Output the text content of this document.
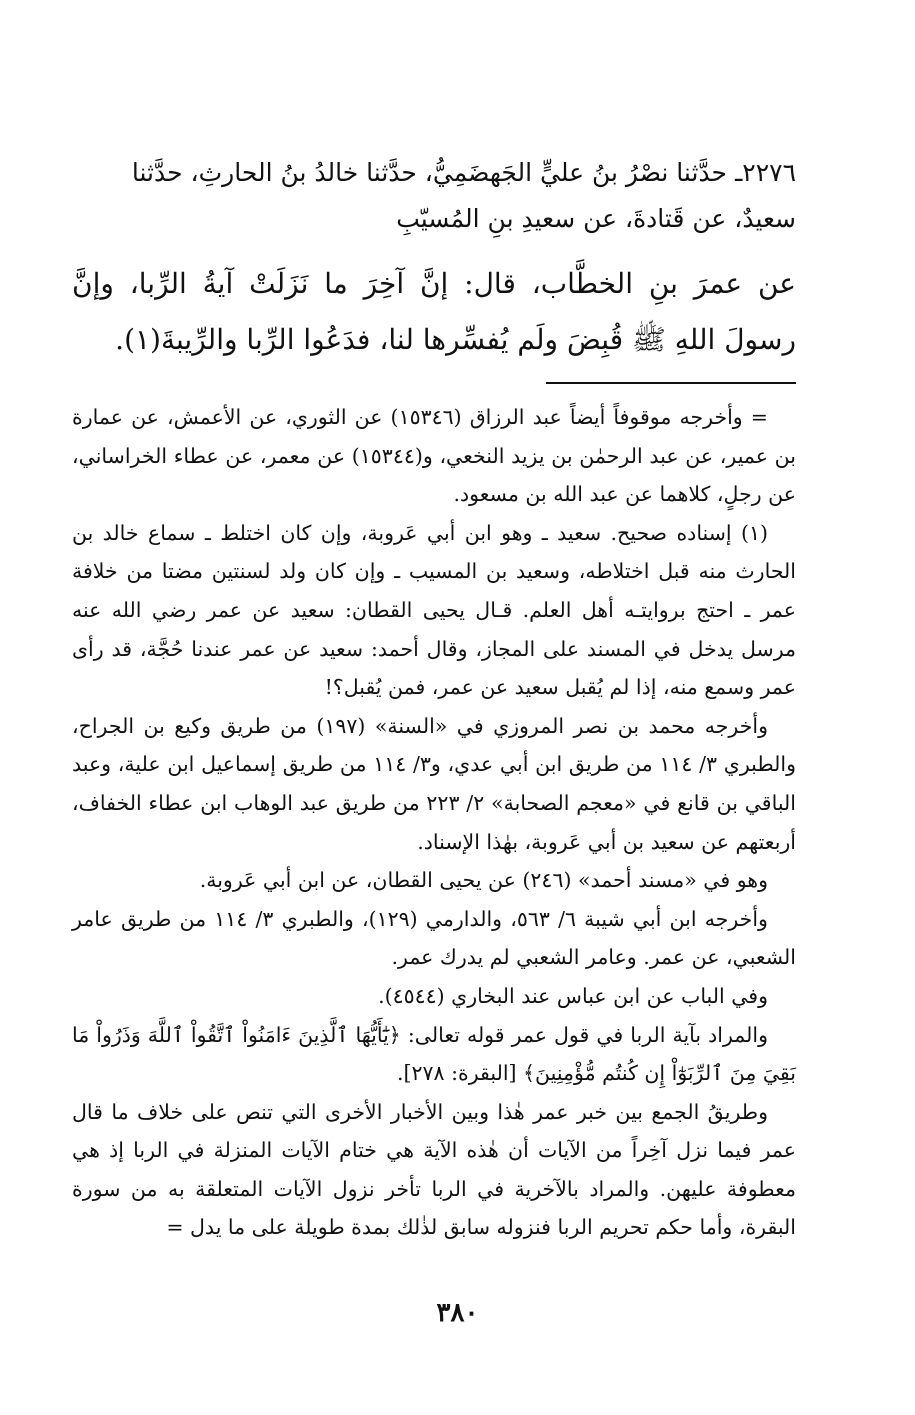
٢٢٧٦ـ حدَّثنا نصْرُ بنُ عليٍّ الجَهضَمِيُّ، حدَّثنا خالدُ بنُ الحارثِ، حدَّثنا

سعيدٌ، عن قَتادةَ، عن سعيدِ بنِ المُسيّبِ

عن عمرَ بنِ الخطَّاب، قال: إنَّ آخِرَ ما نَزَلَتْ آيةُ الرِّبا، وإنَّ رسولَ اللهِ ﷺ قُبِضَ ولَم يُفسِّرها لنا، فدَعُوا الرِّبا والرِّيبةَ(١).

= وأخرجه موقوفاً أيضاً عبد الرزاق (١٥٣٤٦) عن الثوري، عن الأعمش، عن عمارة بن عمير، عن عبد الرحمٰن بن يزيد النخعي، و(١٥٣٤٤) عن معمر، عن عطاء الخراساني، عن رجلٍ، كلاهما عن عبد الله بن مسعود.

(١) إسناده صحيح. سعيد ـ وهو ابن أبي عَروبة، وإن كان اختلط ـ سماع خالد بن الحارث منه قبل اختلاطه، وسعيد بن المسيب ـ وإن كان ولد لسنتين مضتا من خلافة عمر ـ احتج بروايتـه أهل العلم. قـال يحيى القطان: سعيد عن عمر رضي الله عنه مرسل يدخل في المسند على المجاز، وقال أحمد: سعيد عن عمر عندنا حُجَّة، قد رأى عمر وسمع منه، إذا لم يُقبل سعيد عن عمر، فمن يُقبل؟!

وأخرجه محمد بن نصر المروزي في «السنة» (١٩٧) من طريق وكيع بن الجراح، والطبري ٣/ ١١٤ من طريق ابن أبي عدي، و٣/ ١١٤ من طريق إسماعيل ابن علية، وعبد الباقي بن قانع في «معجم الصحابة» ٢/ ٢٢٣ من طريق عبد الوهاب ابن عطاء الخفاف، أربعتهم عن سعيد بن أبي عَروبة، بهٰذا الإسناد.

وهو في «مسند أحمد» (٢٤٦) عن يحيى القطان، عن ابن أبي عَروبة.

وأخرجه ابن أبي شيبة ٦/ ٥٦٣، والدارمي (١٢٩)، والطبري ٣/ ١١٤ من طريق عامر الشعبي، عن عمر. وعامر الشعبي لم يدرك عمر.

وفي الباب عن ابن عباس عند البخاري (٤٥٤٤).

والمراد بآية الربا في قول عمر قوله تعالى: ﴿يَٰٓأَيُّهَا ٱلَّذِينَ ءَامَنُواْ ٱتَّقُواْ ٱللَّهَ وَذَرُواْ مَا بَقِيَ مِنَ ٱلرِّبَوٰٓاْ إِن كُنتُم مُّؤْمِنِينَ﴾ [البقرة: ٢٧٨].

وطريقُ الجمع بين خبر عمر هٰذا وبين الأخبار الأخرى التي تنص على خلاف ما قال عمر فيما نزل آخِراً من الآيات أن هٰذه الآية هي ختام الآيات المنزلة في الربا إذ هي معطوفة عليهن. والمراد بالآخرية في الربا تأخر نزول الآيات المتعلقة به من سورة البقرة، وأما حكم تحريم الربا فنزوله سابق لذٰلك بمدة طويلة على ما يدل =

٣٨٠
